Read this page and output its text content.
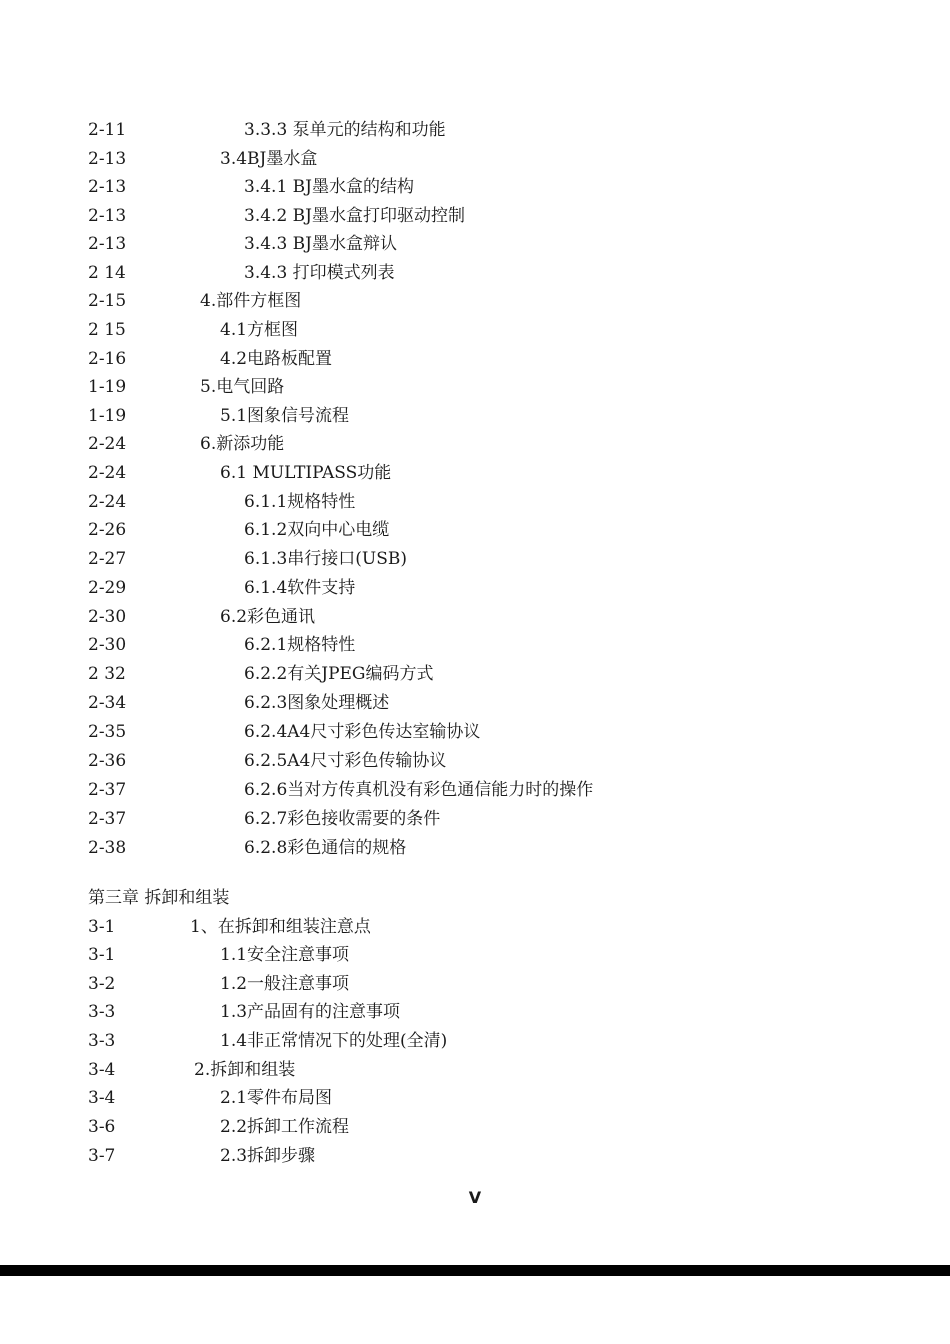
2-11	3.3.3 泵单元的结构和功能
2-13	3.4BJ墨水盒
2-13	3.4.1 BJ墨水盒的结构
2-13	3.4.2 BJ墨水盒打印驱动控制
2-13	3.4.3 BJ墨水盒辩认
2 14	3.4.3 打印模式列表
2-15	4.部件方框图
2 15	4.1方框图
2-16	4.2电路板配置
1-19	5.电气回路
1-19	5.1图象信号流程
2-24	6.新添功能
2-24	6.1 MULTIPASS功能
2-24	6.1.1规格特性
2-26	6.1.2双向中心电缆
2-27	6.1.3串行接口(USB)
2-29	6.1.4软件支持
2-30	6.2彩色通讯
2-30	6.2.1规格特性
2 32	6.2.2有关JPEG编码方式
2-34	6.2.3图象处理概述
2-35	6.2.4A4尺寸彩色传达室输协议
2-36	6.2.5A4尺寸彩色传输协议
2-37	6.2.6当对方传真机没有彩色通信能力时的操作
2-37	6.2.7彩色接收需要的条件
2-38	6.2.8彩色通信的规格
第三章 拆卸和组装
3-1	1、在拆卸和组装注意点
3-1	1.1安全注意事项
3-2	1.2一般注意事项
3-3	1.3产品固有的注意事项
3-3	1.4非正常情况下的处理(全清)
3-4	2.拆卸和组装
3-4	2.1零件布局图
3-6	2.2拆卸工作流程
3-7	2.3拆卸步骤
V
